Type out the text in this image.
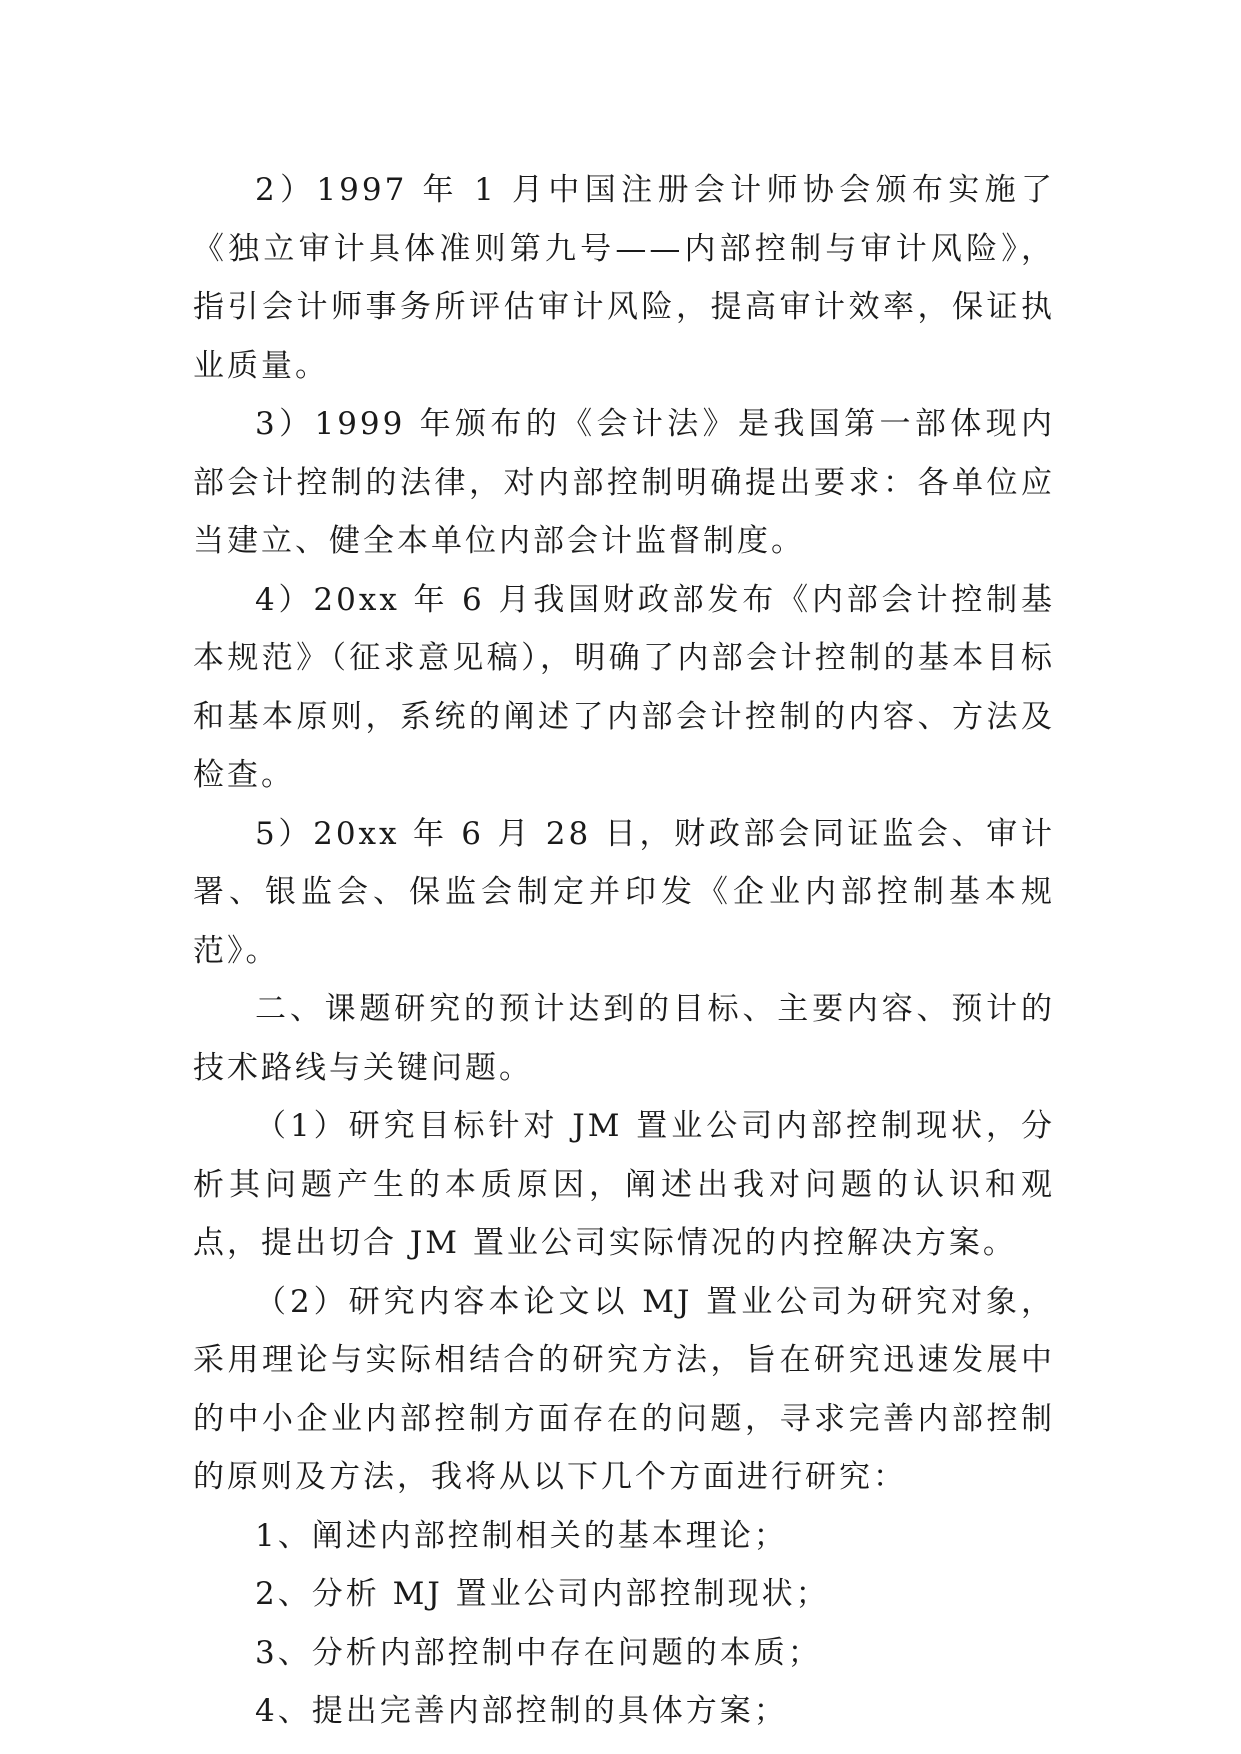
2）1997 年 1 月中国注册会计师协会颁布实施了《独立审计具体准则第九号——内部控制与审计风险》，指引会计师事务所评估审计风险，提高审计效率，保证执业质量。

3）1999 年颁布的《会计法》是我国第一部体现内部会计控制的法律，对内部控制明确提出要求：各单位应当建立、健全本单位内部会计监督制度。

4）20xx 年 6 月我国财政部发布《内部会计控制基本规范》（征求意见稿），明确了内部会计控制的基本目标和基本原则，系统的阐述了内部会计控制的内容、方法及检查。

5）20xx 年 6 月 28 日，财政部会同证监会、审计署、银监会、保监会制定并印发《企业内部控制基本规范》。

二、课题研究的预计达到的目标、主要内容、预计的技术路线与关键问题。

（1）研究目标针对 JM 置业公司内部控制现状，分析其问题产生的本质原因，阐述出我对问题的认识和观点，提出切合 JM 置业公司实际情况的内控解决方案。

（2）研究内容本论文以 MJ 置业公司为研究对象，采用理论与实际相结合的研究方法，旨在研究迅速发展中的中小企业内部控制方面存在的问题，寻求完善内部控制的原则及方法，我将从以下几个方面进行研究：

1、阐述内部控制相关的基本理论；

2、分析 MJ 置业公司内部控制现状；

3、分析内部控制中存在问题的本质；

4、提出完善内部控制的具体方案；
